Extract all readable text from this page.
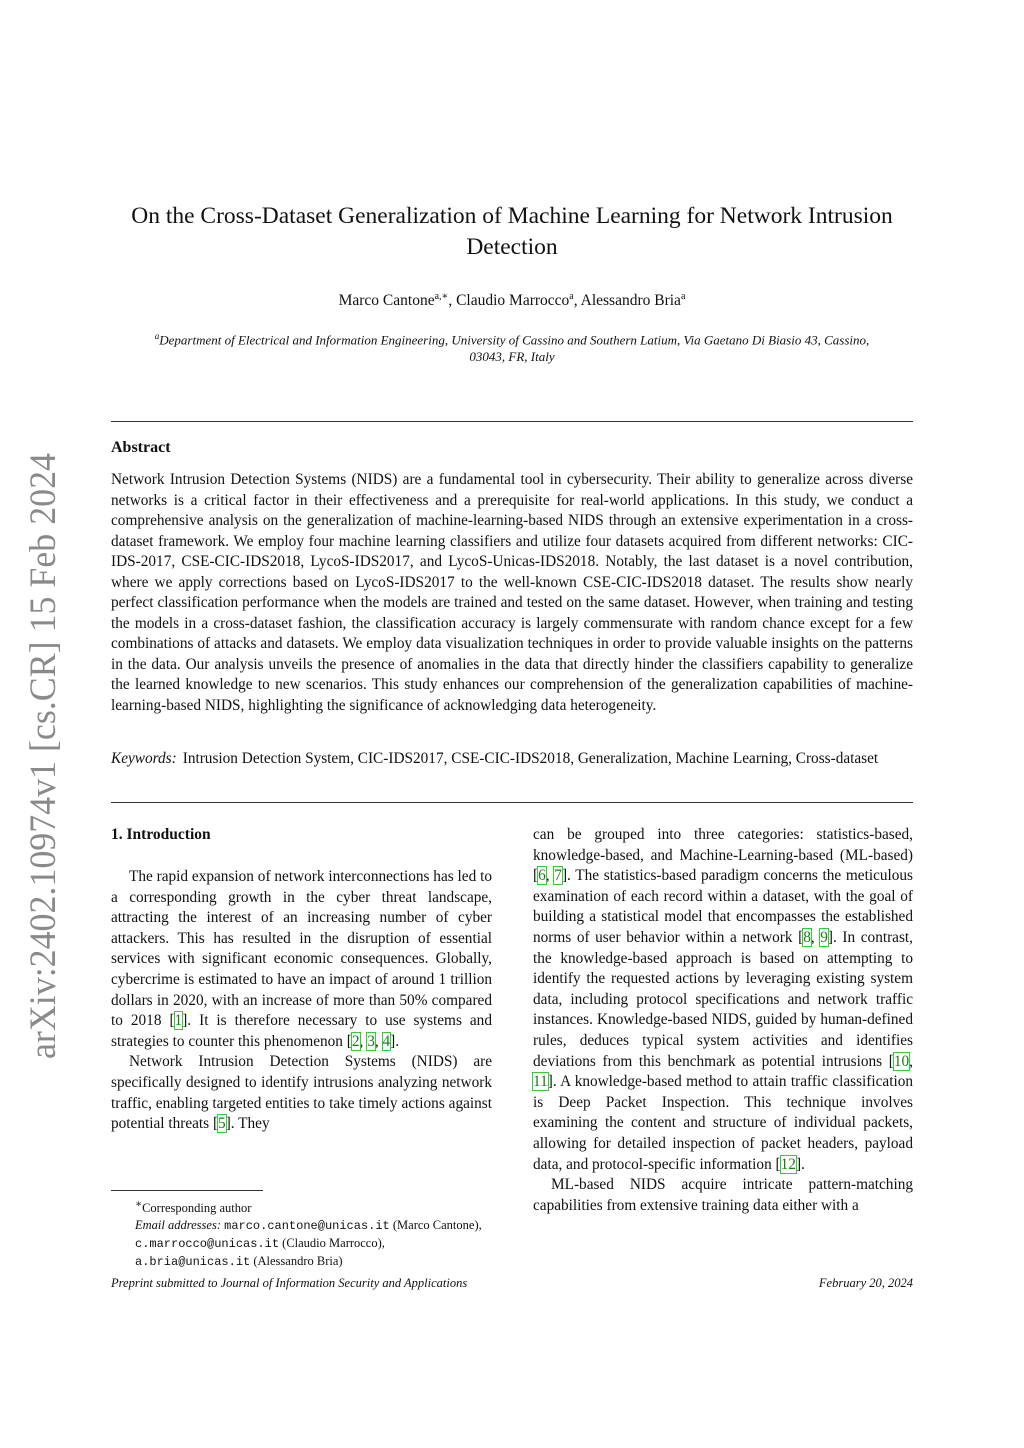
arXiv:2402.10974v1 [cs.CR] 15 Feb 2024
On the Cross-Dataset Generalization of Machine Learning for Network Intrusion Detection
Marco Cantone$^{a,∗}$, Claudio Marrocco$^a$, Alessandro Bria$^a$
$^a$Department of Electrical and Information Engineering, University of Cassino and Southern Latium, Via Gaetano Di Biasio 43, Cassino, 03043, FR, Italy
Abstract
Network Intrusion Detection Systems (NIDS) are a fundamental tool in cybersecurity. Their ability to generalize across diverse networks is a critical factor in their effectiveness and a prerequisite for real-world applications. In this study, we conduct a comprehensive analysis on the generalization of machine-learning-based NIDS through an extensive experimentation in a cross-dataset framework. We employ four machine learning classifiers and utilize four datasets acquired from different networks: CIC-IDS-2017, CSE-CIC-IDS2018, LycoS-IDS2017, and LycoS-Unicas-IDS2018. Notably, the last dataset is a novel contribution, where we apply corrections based on LycoS-IDS2017 to the well-known CSE-CIC-IDS2018 dataset. The results show nearly perfect classification performance when the models are trained and tested on the same dataset. However, when training and testing the models in a cross-dataset fashion, the classification accuracy is largely commensurate with random chance except for a few combinations of attacks and datasets. We employ data visualization techniques in order to provide valuable insights on the patterns in the data. Our analysis unveils the presence of anomalies in the data that directly hinder the classifiers capability to generalize the learned knowledge to new scenarios. This study enhances our comprehension of the generalization capabilities of machine-learning-based NIDS, highlighting the significance of acknowledging data heterogeneity.
Keywords: Intrusion Detection System, CIC-IDS2017, CSE-CIC-IDS2018, Generalization, Machine Learning, Cross-dataset
1. Introduction

The rapid expansion of network interconnections has led to a corresponding growth in the cyber threat landscape, attracting the interest of an increasing number of cyber attackers. This has resulted in the disruption of essential services with significant economic consequences. Globally, cybercrime is estimated to have an impact of around 1 trillion dollars in 2020, with an increase of more than 50% compared to 2018 [1]. It is therefore necessary to use systems and strategies to counter this phenomenon [2, 3, 4].

Network Intrusion Detection Systems (NIDS) are specifically designed to identify intrusions analyzing network traffic, enabling targeted entities to take timely actions against potential threats [5]. They

can be grouped into three categories: statistics-based, knowledge-based, and Machine-Learning-based (ML-based) [6, 7]. The statistics-based paradigm concerns the meticulous examination of each record within a dataset, with the goal of building a statistical model that encompasses the established norms of user behavior within a network [8, 9]. In contrast, the knowledge-based approach is based on attempting to identify the requested actions by leveraging existing system data, including protocol specifications and network traffic instances. Knowledge-based NIDS, guided by human-defined rules, deduces typical system activities and identifies deviations from this benchmark as potential intrusions [10, 11]. A knowledge-based method to attain traffic classification is Deep Packet Inspection. This technique involves examining the content and structure of individual packets, allowing for detailed inspection of packet headers, payload data, and protocol-specific information [12].

ML-based NIDS acquire intricate pattern-matching capabilities from extensive training data either with a

∗Corresponding author
Email addresses: marco.cantone@unicas.it (Marco Cantone), c.marrocco@unicas.it (Claudio Marrocco), a.bria@unicas.it (Alessandro Bria)
Preprint submitted to Journal of Information Security and Applications	February 20, 2024
